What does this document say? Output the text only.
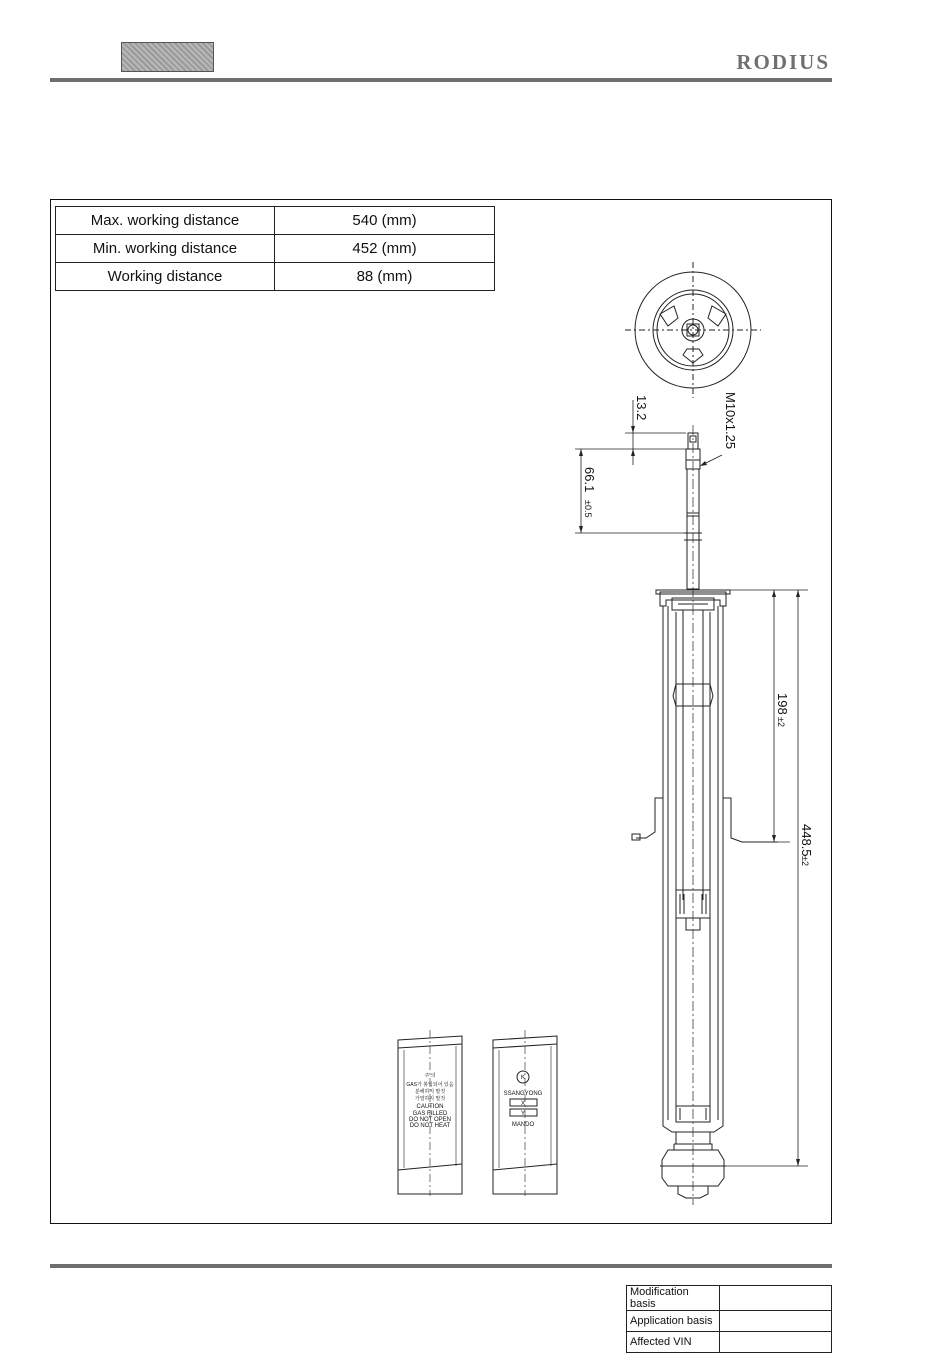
RODIUS
Max. working distance	540 (mm)
Min. working distance	452 (mm)
Working distance	88 (mm)
M10x1.25
13.2
66.1
±0.5
198
±2
448.5
±2
주 의
GAS가 봉입되어 있음
분해하지 말것
가열하지 말것
CAUTION
GAS FILLED
DO NOT OPEN
DO NOT HEAT
K
SSANGYONG
X
Y
MANDO
Modification basis	
Application basis	
Affected VIN	
